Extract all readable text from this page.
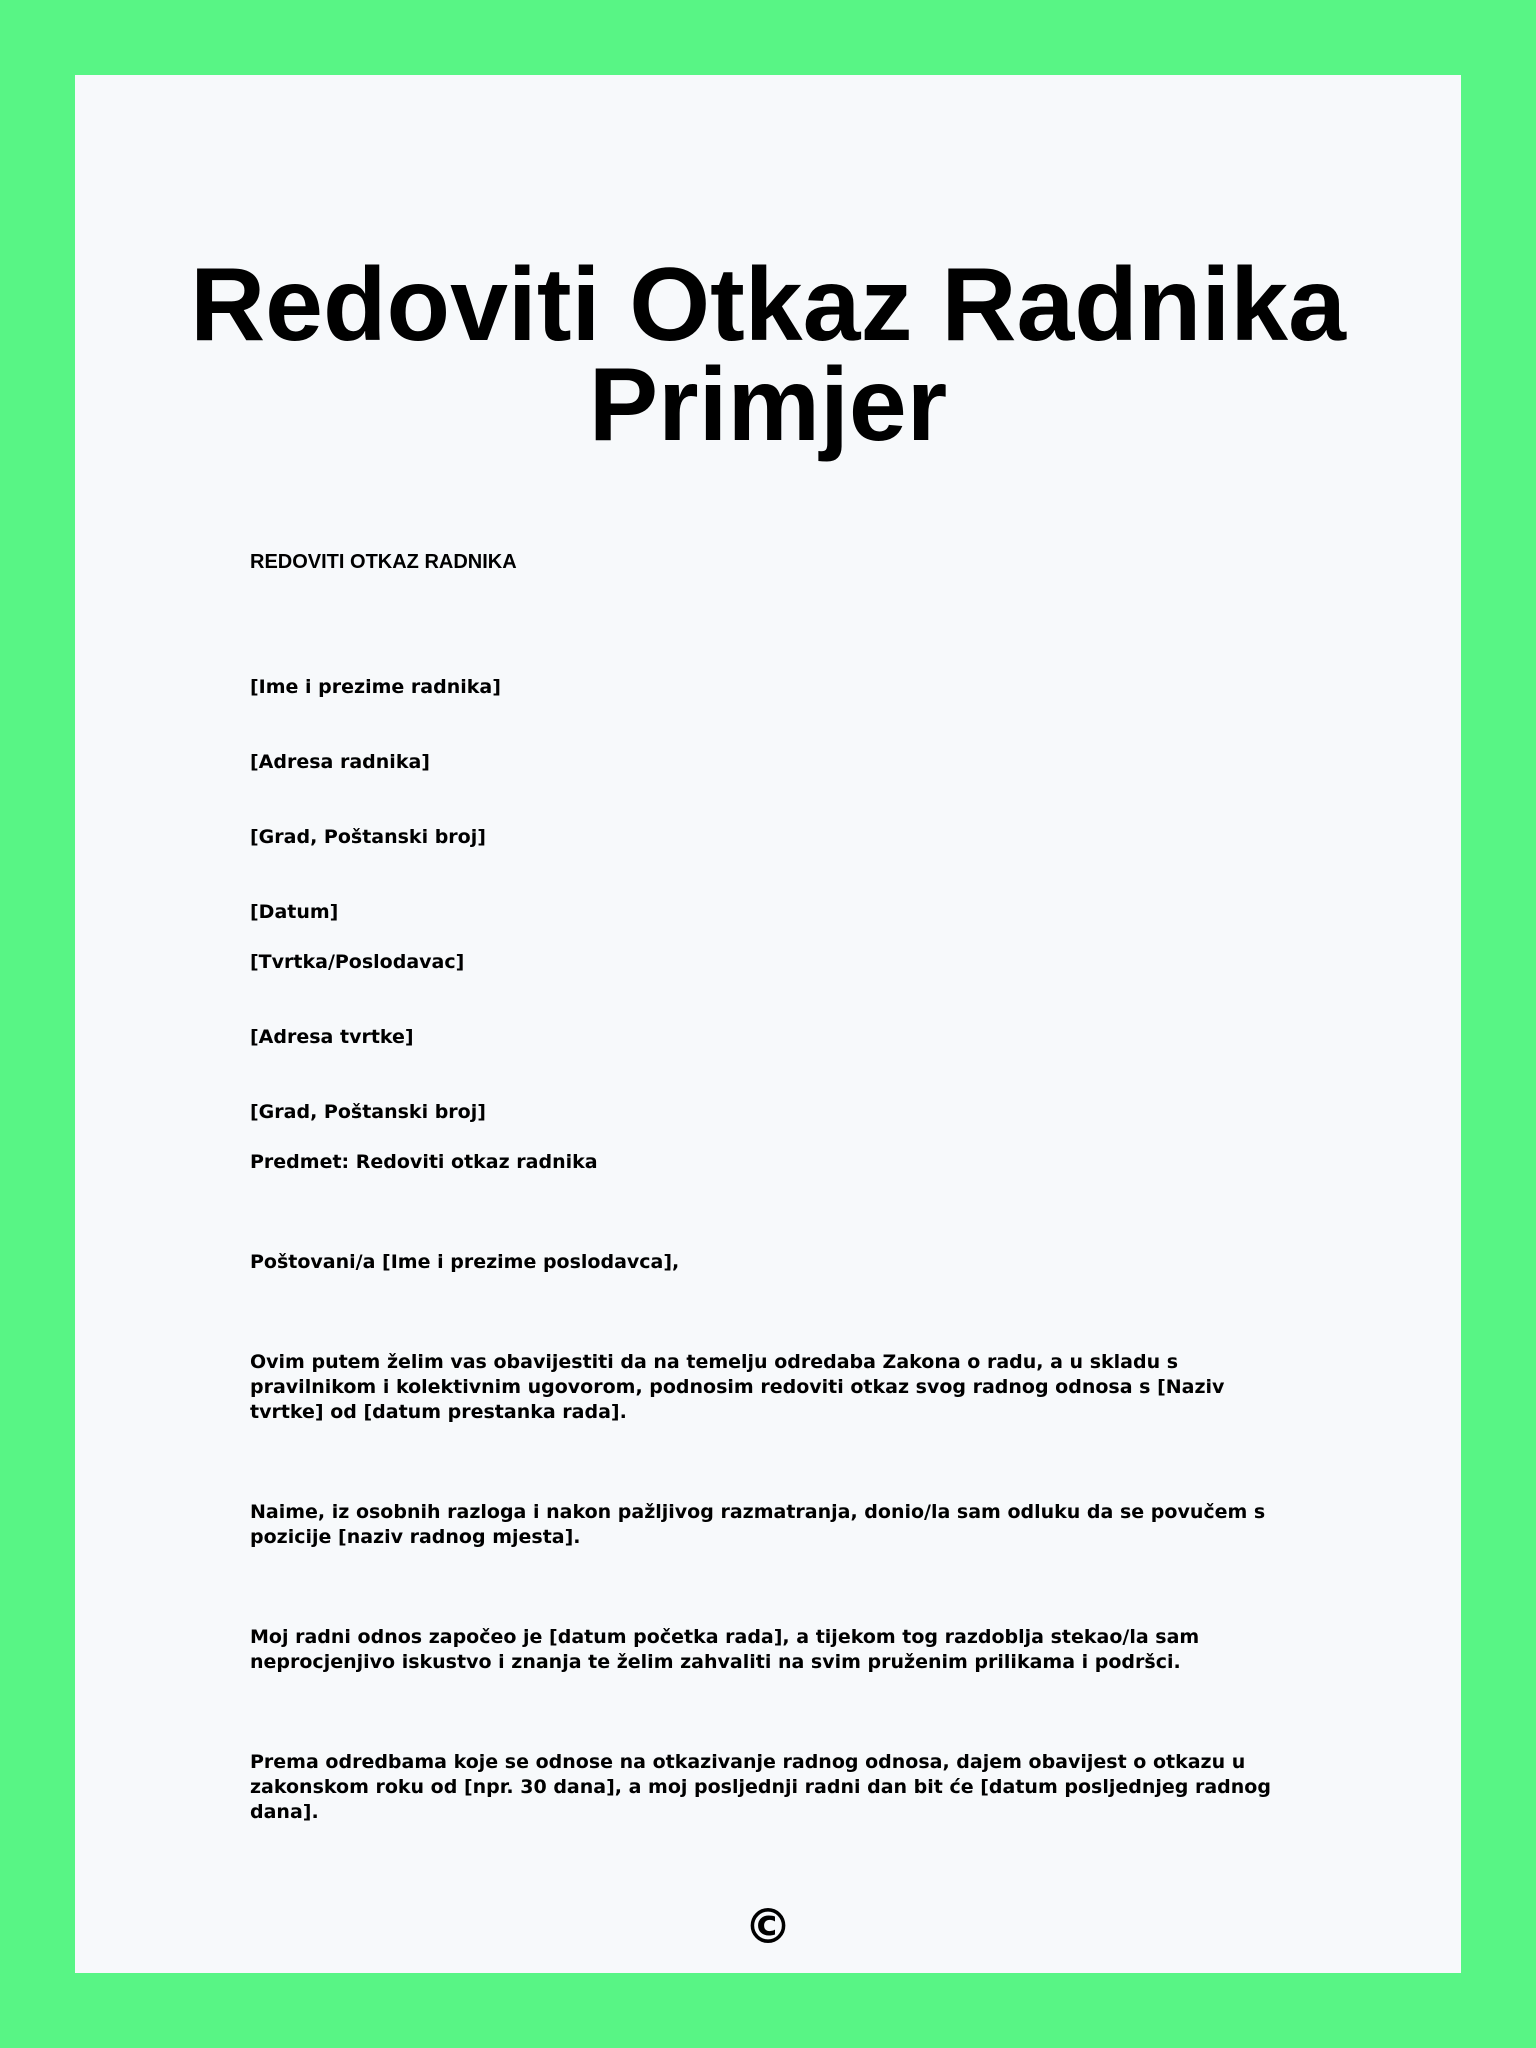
Redoviti Otkaz Radnika
Primjer

REDOVITI OTKAZ RADNIKA

[Ime i prezime radnika]

[Adresa radnika]

[Grad, Poštanski broj]

[Datum]

[Tvrtka/Poslodavac]

[Adresa tvrtke]

[Grad, Poštanski broj]

Predmet: Redoviti otkaz radnika

Poštovani/a [Ime i prezime poslodavca],

Ovim putem želim vas obavijestiti da na temelju odredaba Zakona o radu, a u skladu s pravilnikom i kolektivnim ugovorom, podnosim redoviti otkaz svog radnog odnosa s [Naziv tvrtke] od [datum prestanka rada].

Naime, iz osobnih razloga i nakon pažljivog razmatranja, donio/la sam odluku da se povučem s pozicije [naziv radnog mjesta].

Moj radni odnos započeo je [datum početka rada], a tijekom tog razdoblja stekao/la sam neprocjenjivo iskustvo i znanja te želim zahvaliti na svim pruženim prilikama i podršci.

Prema odredbama koje se odnose na otkazivanje radnog odnosa, dajem obavijest o otkazu u zakonskom roku od [npr. 30 dana], a moj posljednji radni dan bit će [datum posljednjeg radnog dana].

©
